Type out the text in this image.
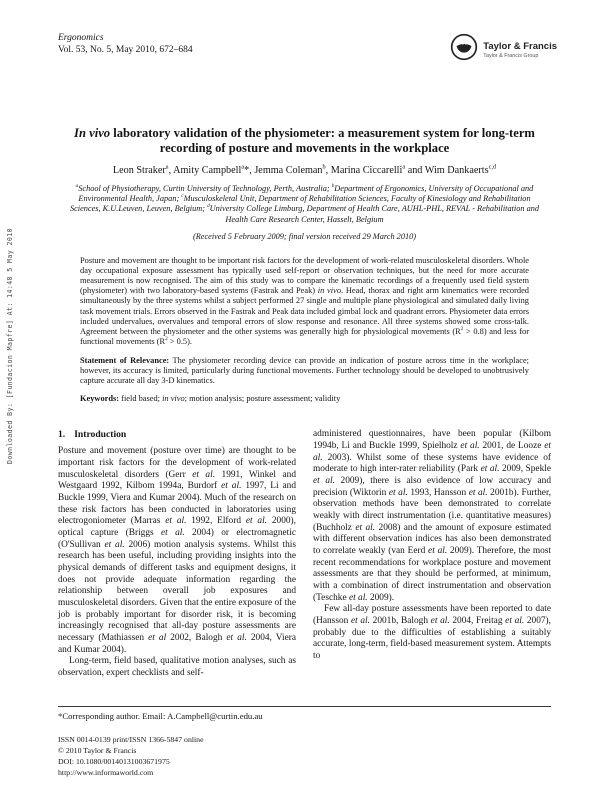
Downloaded By: [Fundacion Mapfre] At: 14:48 5 May 2010
Ergonomics
Vol. 53, No. 5, May 2010, 672–684	Taylor & Francis
Taylor & Francis Group
In vivo laboratory validation of the physiometer: a measurement system for long-term recording of posture and movements in the workplace
Leon Straker$^a$, Amity Campbell$^a$*, Jemma Coleman$^b$, Marina Ciccarelli$^a$ and Wim Dankaerts$^{c,d}$
$^a$School of Physiotherapy, Curtin University of Technology, Perth, Australia; $^b$Department of Ergonomics, University of Occupational and Environmental Health, Japan; $^c$Musculoskeletal Unit, Department of Rehabilitation Sciences, Faculty of Kinesiology and Rehabilitation Sciences, K.U.Leuven, Leuven, Belgium; $^d$University College Limburg, Department of Health Care, AUHL-PHL, REVAL - Rehabilitation and Health Care Research Center, Hasselt, Belgium
(Received 5 February 2009; final version received 29 March 2010)
Posture and movement are thought to be important risk factors for the development of work-related musculoskeletal disorders. Whole day occupational exposure assessment has typically used self-report or observation techniques, but the need for more accurate measurement is now recognised. The aim of this study was to compare the kinematic recordings of a frequently used field system (physiometer) with two laboratory-based systems (Fastrak and Peak) in vivo. Head, thorax and right arm kinematics were recorded simultaneously by the three systems whilst a subject performed 27 single and multiple plane physiological and simulated daily living task movement trials. Errors observed in the Fastrak and Peak data included gimbal lock and quadrant errors. Physiometer data errors included undervalues, overvalues and temporal errors of slow response and resonance. All three systems showed some cross-talk. Agreement between the physiometer and the other systems was generally high for physiological movements $(R^2 > 0.8)$ and less for functional movements $(R^2 > 0.5)$.
Statement of Relevance: The physiometer recording device can provide an indication of posture across time in the workplace; however, its accuracy is limited, particularly during functional movements. Further technology should be developed to unobtrusively capture accurate all day 3-D kinematics.
Keywords: field based; in vivo; motion analysis; posture assessment; validity
1. Introduction

Posture and movement (posture over time) are thought to be important risk factors for the development of work-related musculoskeletal disorders (Gerr et al. 1991, Winkel and Westgaard 1992, Kilbom 1994a, Burdorf et al. 1997, Li and Buckle 1999, Viera and Kumar 2004). Much of the research on these risk factors has been conducted in laboratories using electrogoniometer (Marras et al. 1992, Elford et al. 2000), optical capture (Briggs et al. 2004) or electromagnetic (O'Sullivan et al. 2006) motion analysis systems. Whilst this research has been useful, including providing insights into the physical demands of different tasks and equipment designs, it does not provide adequate information regarding the relationship between overall job exposures and musculoskeletal disorders. Given that the entire exposure of the job is probably important for disorder risk, it is becoming increasingly recognised that all-day posture assessments are necessary (Mathiassen et al 2002, Balogh et al. 2004, Viera and Kumar 2004).

Long-term, field based, qualitative motion analyses, such as observation, expert checklists and self-

administered questionnaires, have been popular (Kilbom 1994b, Li and Buckle 1999, Spielholz et al. 2001, de Looze et al. 2003). Whilst some of these systems have evidence of moderate to high inter-rater reliability (Park et al. 2009, Spekle et al. 2009), there is also evidence of low accuracy and precision (Wiktorin et al. 1993, Hansson et al. 2001b). Further, observation methods have been demonstrated to correlate weakly with direct instrumentation (i.e. quantitative measures) (Buchholz et al. 2008) and the amount of exposure estimated with different observation indices has also been demonstrated to correlate weakly (van Eerd et al. 2009). Therefore, the most recent recommendations for workplace posture and movement assessments are that they should be performed, at minimum, with a combination of direct instrumentation and observation (Teschke et al. 2009).

Few all-day posture assessments have been reported to date (Hansson et al. 2001b, Balogh et al. 2004, Freitag et al. 2007), probably due to the difficulties of establishing a suitably accurate, long-term, field-based measurement system. Attempts to

*Corresponding author. Email: A.Campbell@curtin.edu.au
ISSN 0014-0139 print/ISSN 1366-5847 online
© 2010 Taylor & Francis
DOI: 10.1080/00140131003671975
http://www.informaworld.com
